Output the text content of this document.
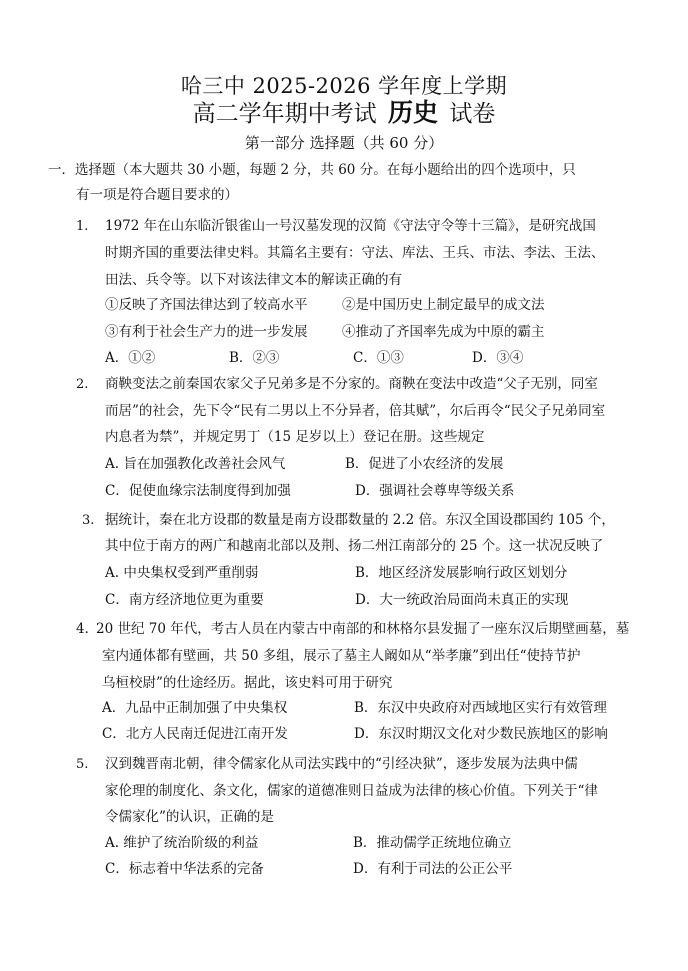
哈三中 2025-2026 学年度上学期
高二学年期中考试 历史 试卷
第一部分 选择题（共 60 分）
一．选择题（本大题共 30 小题，每题 2 分，共 60 分。在每小题给出的四个选项中，只
有一项是符合题目要求的）
1. 1972 年在山东临沂银雀山一号汉墓发现的汉简《守法守令等十三篇》，是研究战国
时期齐国的重要法律史料。其篇名主要有：守法、库法、王兵、市法、李法、王法、
田法、兵令等。以下对该法律文本的解读正确的有
①反映了齐国法律达到了较高水平	②是中国历史上制定最早的成文法
③有利于社会生产力的进一步发展	④推动了齐国率先成为中原的霸主
A．①②	B．②③	C．①③	D．③④
2. 商鞅变法之前秦国农家父子兄弟多是不分家的。商鞅在变法中改造“父子无别，同室
而居”的社会，先下令“民有二男以上不分异者，倍其赋”，尔后再令“民父子兄弟同室
内息者为禁”，并规定男丁（15 足岁以上）登记在册。这些规定
A. 旨在加强教化改善社会风气	B．促进了小农经济的发展
C．促使血缘宗法制度得到加强	D．强调社会尊卑等级关系
3. 据统计，秦在北方设郡的数量是南方设郡数量的 2.2 倍。东汉全国设郡国约 105 个，
其中位于南方的两广和越南北部以及荆、扬二州江南部分的 25 个。这一状况反映了
A. 中央集权受到严重削弱	B．地区经济发展影响行政区划划分
C．南方经济地位更为重要	D．大一统政治局面尚未真正的实现
4．
20 世纪 70 年代，考古人员在内蒙古中南部的和林格尔县发掘了一座东汉后期壁画墓，墓
室内通体都有壁画，共 50 多组，展示了墓主人阚如从“举孝廉”到出任“使持节护
乌桓校尉”的仕途经历。据此，该史料可用于研究
A．九品中正制加强了中央集权	B．东汉中央政府对西域地区实行有效管理
C．北方人民南迁促进江南开发	D．东汉时期汉文化对少数民族地区的影响
5. 汉到魏晋南北朝，律令儒家化从司法实践中的“引经决狱”，逐步发展为法典中儒
家伦理的制度化、条文化，儒家的道德准则日益成为法律的核心价值。下列关于“律
令儒家化”的认识，正确的是
A. 维护了统治阶级的利益	B．推动儒学正统地位确立
C．标志着中华法系的完备	D．有利于司法的公正公平
